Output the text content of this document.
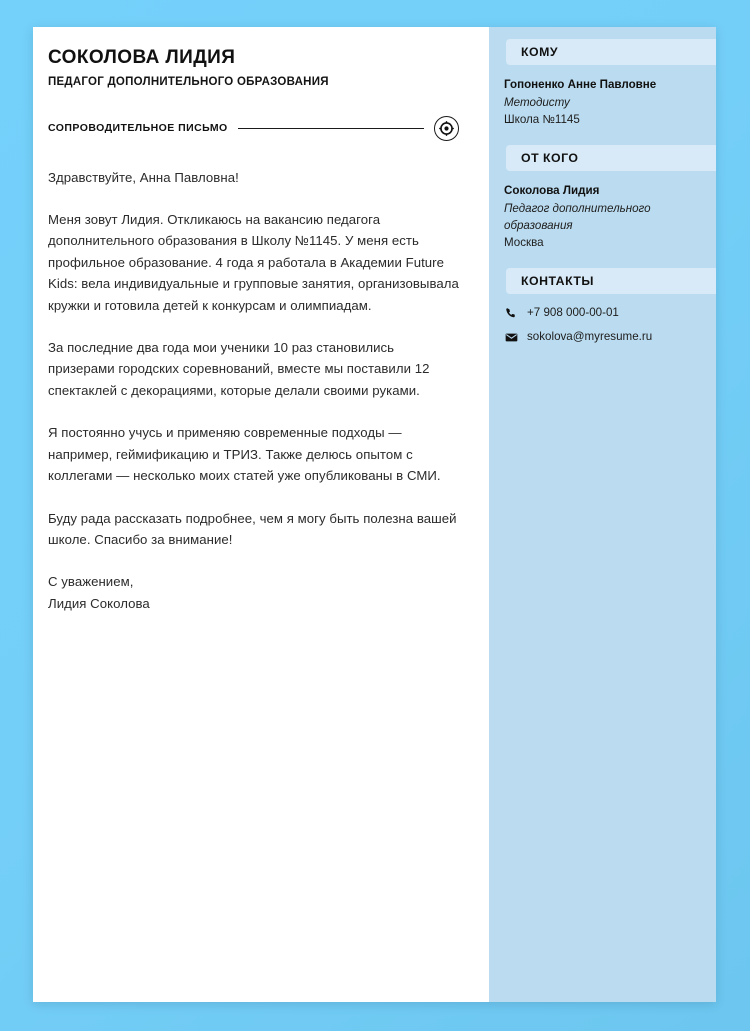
СОКОЛОВА ЛИДИЯ
ПЕДАГОГ ДОПОЛНИТЕЛЬНОГО ОБРАЗОВАНИЯ
СОПРОВОДИТЕЛЬНОЕ ПИСЬМО

Здравствуйте, Анна Павловна!

Меня зовут Лидия. Откликаюсь на вакансию педагога дополнительного образования в Школу №1145. У меня есть профильное образование. 4 года я работала в Академии Future Kids: вела индивидуальные и групповые занятия, организовывала кружки и готовила детей к конкурсам и олимпиадам.

За последние два года мои ученики 10 раз становились призерами городских соревнований, вместе мы поставили 12 спектаклей с декорациями, которые делали своими руками.

Я постоянно учусь и применяю современные подходы — например, геймификацию и ТРИЗ. Также делюсь опытом с коллегами — несколько моих статей уже опубликованы в СМИ.

Буду рада рассказать подробнее, чем я могу быть полезна вашей школе. Спасибо за внимание!

С уважением,
Лидия Соколова
КОМУ
Гопоненко Анне Павловне
Методисту
Школа №1145
ОТ КОГО
Соколова Лидия
Педагог дополнительного образования
Москва
КОНТАКТЫ
+7 908 000-00-01
sokolova@myresume.ru
